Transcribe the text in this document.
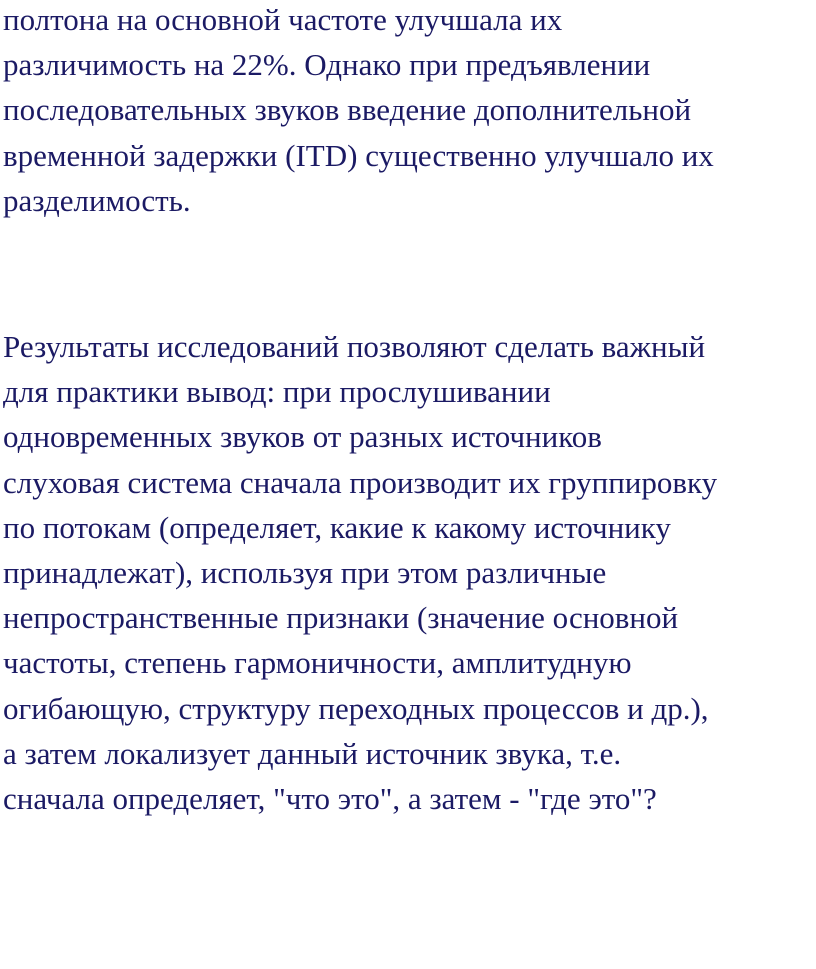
полтона на основной частоте улучшала их
различимость на 22%. Однако при предъявлении
последовательных звуков введение дополнительной
временной задержки (ITD) существенно улучшало их
разделимость.

Результаты исследований позволяют сделать важный
для практики вывод: при прослушивании
одновременных звуков от разных источников
слуховая система сначала производит их группировку
по потокам (определяет, какие к какому источнику
принадлежат), используя при этом различные
непространственные признаки (значение основной
частоты, степень гармоничности, амплитудную
огибающую, структуру переходных процессов и др.),
а затем локализует данный источник звука, т.е.
сначала определяет, "что это", а затем - "где это"?
